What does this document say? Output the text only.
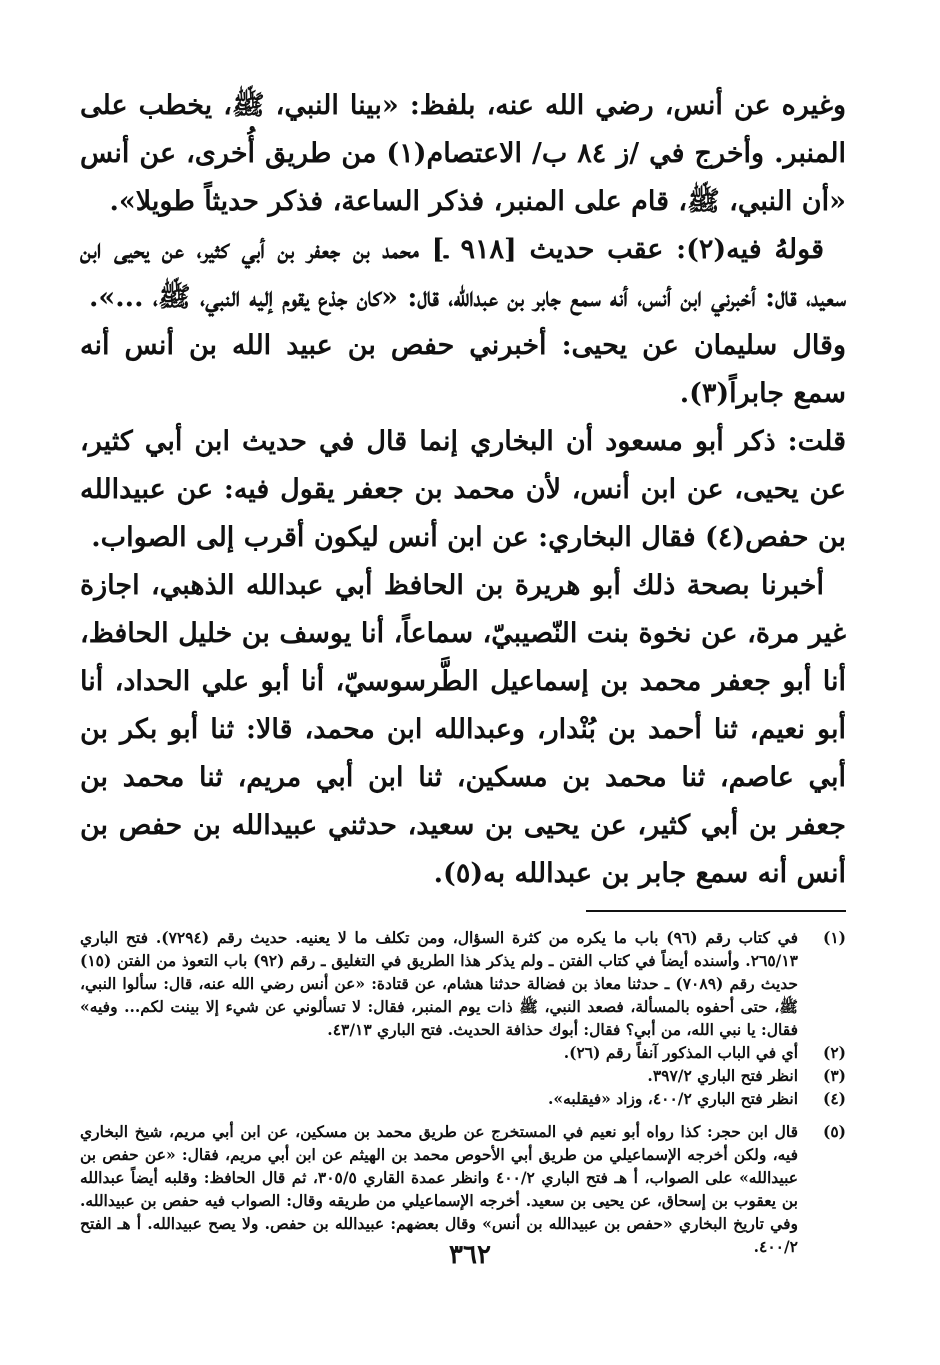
وغيره عن أنس، رضي الله عنه، بلفظ: «بينا النبي، ﷺ، يخطب على المنبر. وأخرج في /ز ٨٤ ب/ الاعتصام(١) من طريق أُخرى، عن أنس «أن النبي، ﷺ، قام على المنبر، فذكر الساعة، فذكر حديثاً طويلا».

قولهُ فيه(٢): عقب حديث [٩١٨ ـ] محمد بن جعفر بن أبي كثير، عن يحيى ابن سعيد، قال: أخبرني ابن أنس، أنه سمع جابر بن عبدالله، قال: «كان جذع يقوم إليه النبي، ﷺ، ...».

وقال سليمان عن يحيى: أخبرني حفص بن عبيد الله بن أنس أنه سمع جابراً(٣).

قلت: ذكر أبو مسعود أن البخاري إنما قال في حديث ابن أبي كثير، عن يحيى، عن ابن أنس، لأن محمد بن جعفر يقول فيه: عن عبيدالله بن حفص(٤) فقال البخاري: عن ابن أنس ليكون أقرب إلى الصواب.

أخبرنا بصحة ذلك أبو هريرة بن الحافظ أبي عبدالله الذهبي، اجازة غير مرة، عن نخوة بنت النّصيبيّ، سماعاً، أنا يوسف بن خليل الحافظ، أنا أبو جعفر محمد بن إسماعيل الطَّرسوسيّ، أنا أبو علي الحداد، أنا أبو نعيم، ثنا أحمد بن بُنْدار، وعبدالله ابن محمد، قالا: ثنا أبو بكر بن أبي عاصم، ثنا محمد بن مسكين، ثنا ابن أبي مريم، ثنا محمد بن جعفر بن أبي كثير، عن يحيى بن سعيد، حدثني عبيدالله بن حفص بن أنس أنه سمع جابر بن عبدالله به(٥).

(١)
في كتاب رقم (٩٦) باب ما يكره من كثرة السؤال، ومن تكلف ما لا يعنيه. حديث رقم (٧٢٩٤). فتح الباري ٢٦٥/١٣. وأسنده أيضاً في كتاب الفتن ـ ولم يذكر هذا الطريق في التغليق ـ رقم (٩٢) باب التعوذ من الفتن (١٥) حديث رقم (٧٠٨٩) ـ حدثنا معاذ بن فضالة حدثنا هشام، عن قتادة: «عن أنس رضي الله عنه، قال: سألوا النبي، ﷺ، حتى أحفوه بالمسألة، فصعد النبي، ﷺ ذات يوم المنبر، فقال: لا تسألوني عن شيء إلا بينت لكم... وفيه» فقال: يا نبي الله، من أبي؟ فقال: أبوك حذافة الحديث. فتح الباري ٤٣/١٣.
(٢)
أي في الباب المذكور آنفاً رقم (٢٦).
(٣)
انظر فتح الباري ٣٩٧/٢.
(٤)
انظر فتح الباري ٤٠٠/٢، وزاد «فيقلبه».
(٥)
قال ابن حجر: كذا رواه أبو نعيم في المستخرج عن طريق محمد بن مسكين، عن ابن أبي مريم، شيخ البخاري فيه، ولكن أخرجه الإسماعيلي من طريق أبي الأحوص محمد بن الهيثم عن ابن أبي مريم، فقال: «عن حفص بن عبيدالله» على الصواب، أ هـ فتح الباري ٤٠٠/٢ وانظر عمدة القاري ٣٠٥/٥، ثم قال الحافظ: وقلبه أيضاً عبدالله بن يعقوب بن إسحاق، عن يحيى بن سعيد. أخرجه الإسماعيلي من طريقه وقال: الصواب فيه حفص بن عبيدالله. وفي تاريخ البخاري «حفص بن عبيدالله بن أنس» وقال بعضهم: عبيدالله بن حفص. ولا يصح عبيدالله. أ هـ الفتح ٤٠٠/٢.
٣٦٢
